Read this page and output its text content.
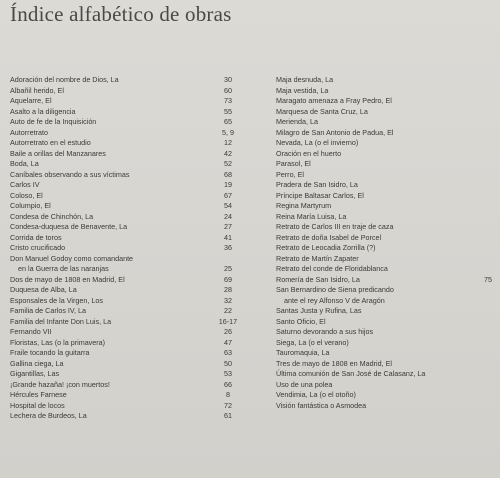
Índice alfabético de obras
Adoración del nombre de Dios, La	30
Albañil herido, El	60
Aquelarre, El	73
Asalto a la diligencia	55
Auto de fe de la Inquisición	65
Autorretrato	5, 9
Autorretrato en el estudio	12
Baile a orillas del Manzanares	42
Boda, La	52
Caníbales observando a sus víctimas	68
Carlos IV	19
Coloso, El	67
Columpio, El	54
Condesa de Chinchón, La	24
Condesa-duquesa de Benavente, La	27
Corrida de toros	41
Cristo crucificado	36
Don Manuel Godoy como comandante
en la Guerra de las naranjas	25
Dos de mayo de 1808 en Madrid, El	69
Duquesa de Alba, La	28
Esponsales de la Virgen, Los	32
Familia de Carlos IV, La	22
Familia del Infante Don Luis, La	16-17
Fernando VII	26
Floristas, Las (o la primavera)	47
Fraile tocando la guitarra	63
Gallina ciega, La	50
Gigantillas, Las	53
¡Grande hazaña! ¡con muertos!	66
Hércules Farnese	8
Hospital de locos	72
Lechera de Burdeos, La	61
Maja desnuda, La
Maja vestida, La
Maragato amenaza a Fray Pedro, El
Marquesa de Santa Cruz, La
Merienda, La
Milagro de San Antonio de Padua, El
Nevada, La (o el invierno)
Oración en el huerto
Parasol, El
Perro, El
Pradera de San Isidro, La
Príncipe Baltasar Carlos, El
Regina Martyrum
Reina María Luisa, La
Retrato de Carlos III en traje de caza
Retrato de doña Isabel de Porcel
Retrato de Leocadia Zorrilla (?)
Retrato de Martín Zapater
Retrato del conde de Floridablanca
Romería de San Isidro, La	75
San Bernardino de Siena predicando
ante el rey Alfonso V de Aragón
Santas Justa y Rufina, Las
Santo Oficio, El
Saturno devorando a sus hijos
Siega, La (o el verano)
Tauromaquia, La
Tres de mayo de 1808 en Madrid, El
Última comunión de San José de Calasanz, La
Uso de una polea
Vendimia, La (o el otoño)
Visión fantástica o Asmodea
